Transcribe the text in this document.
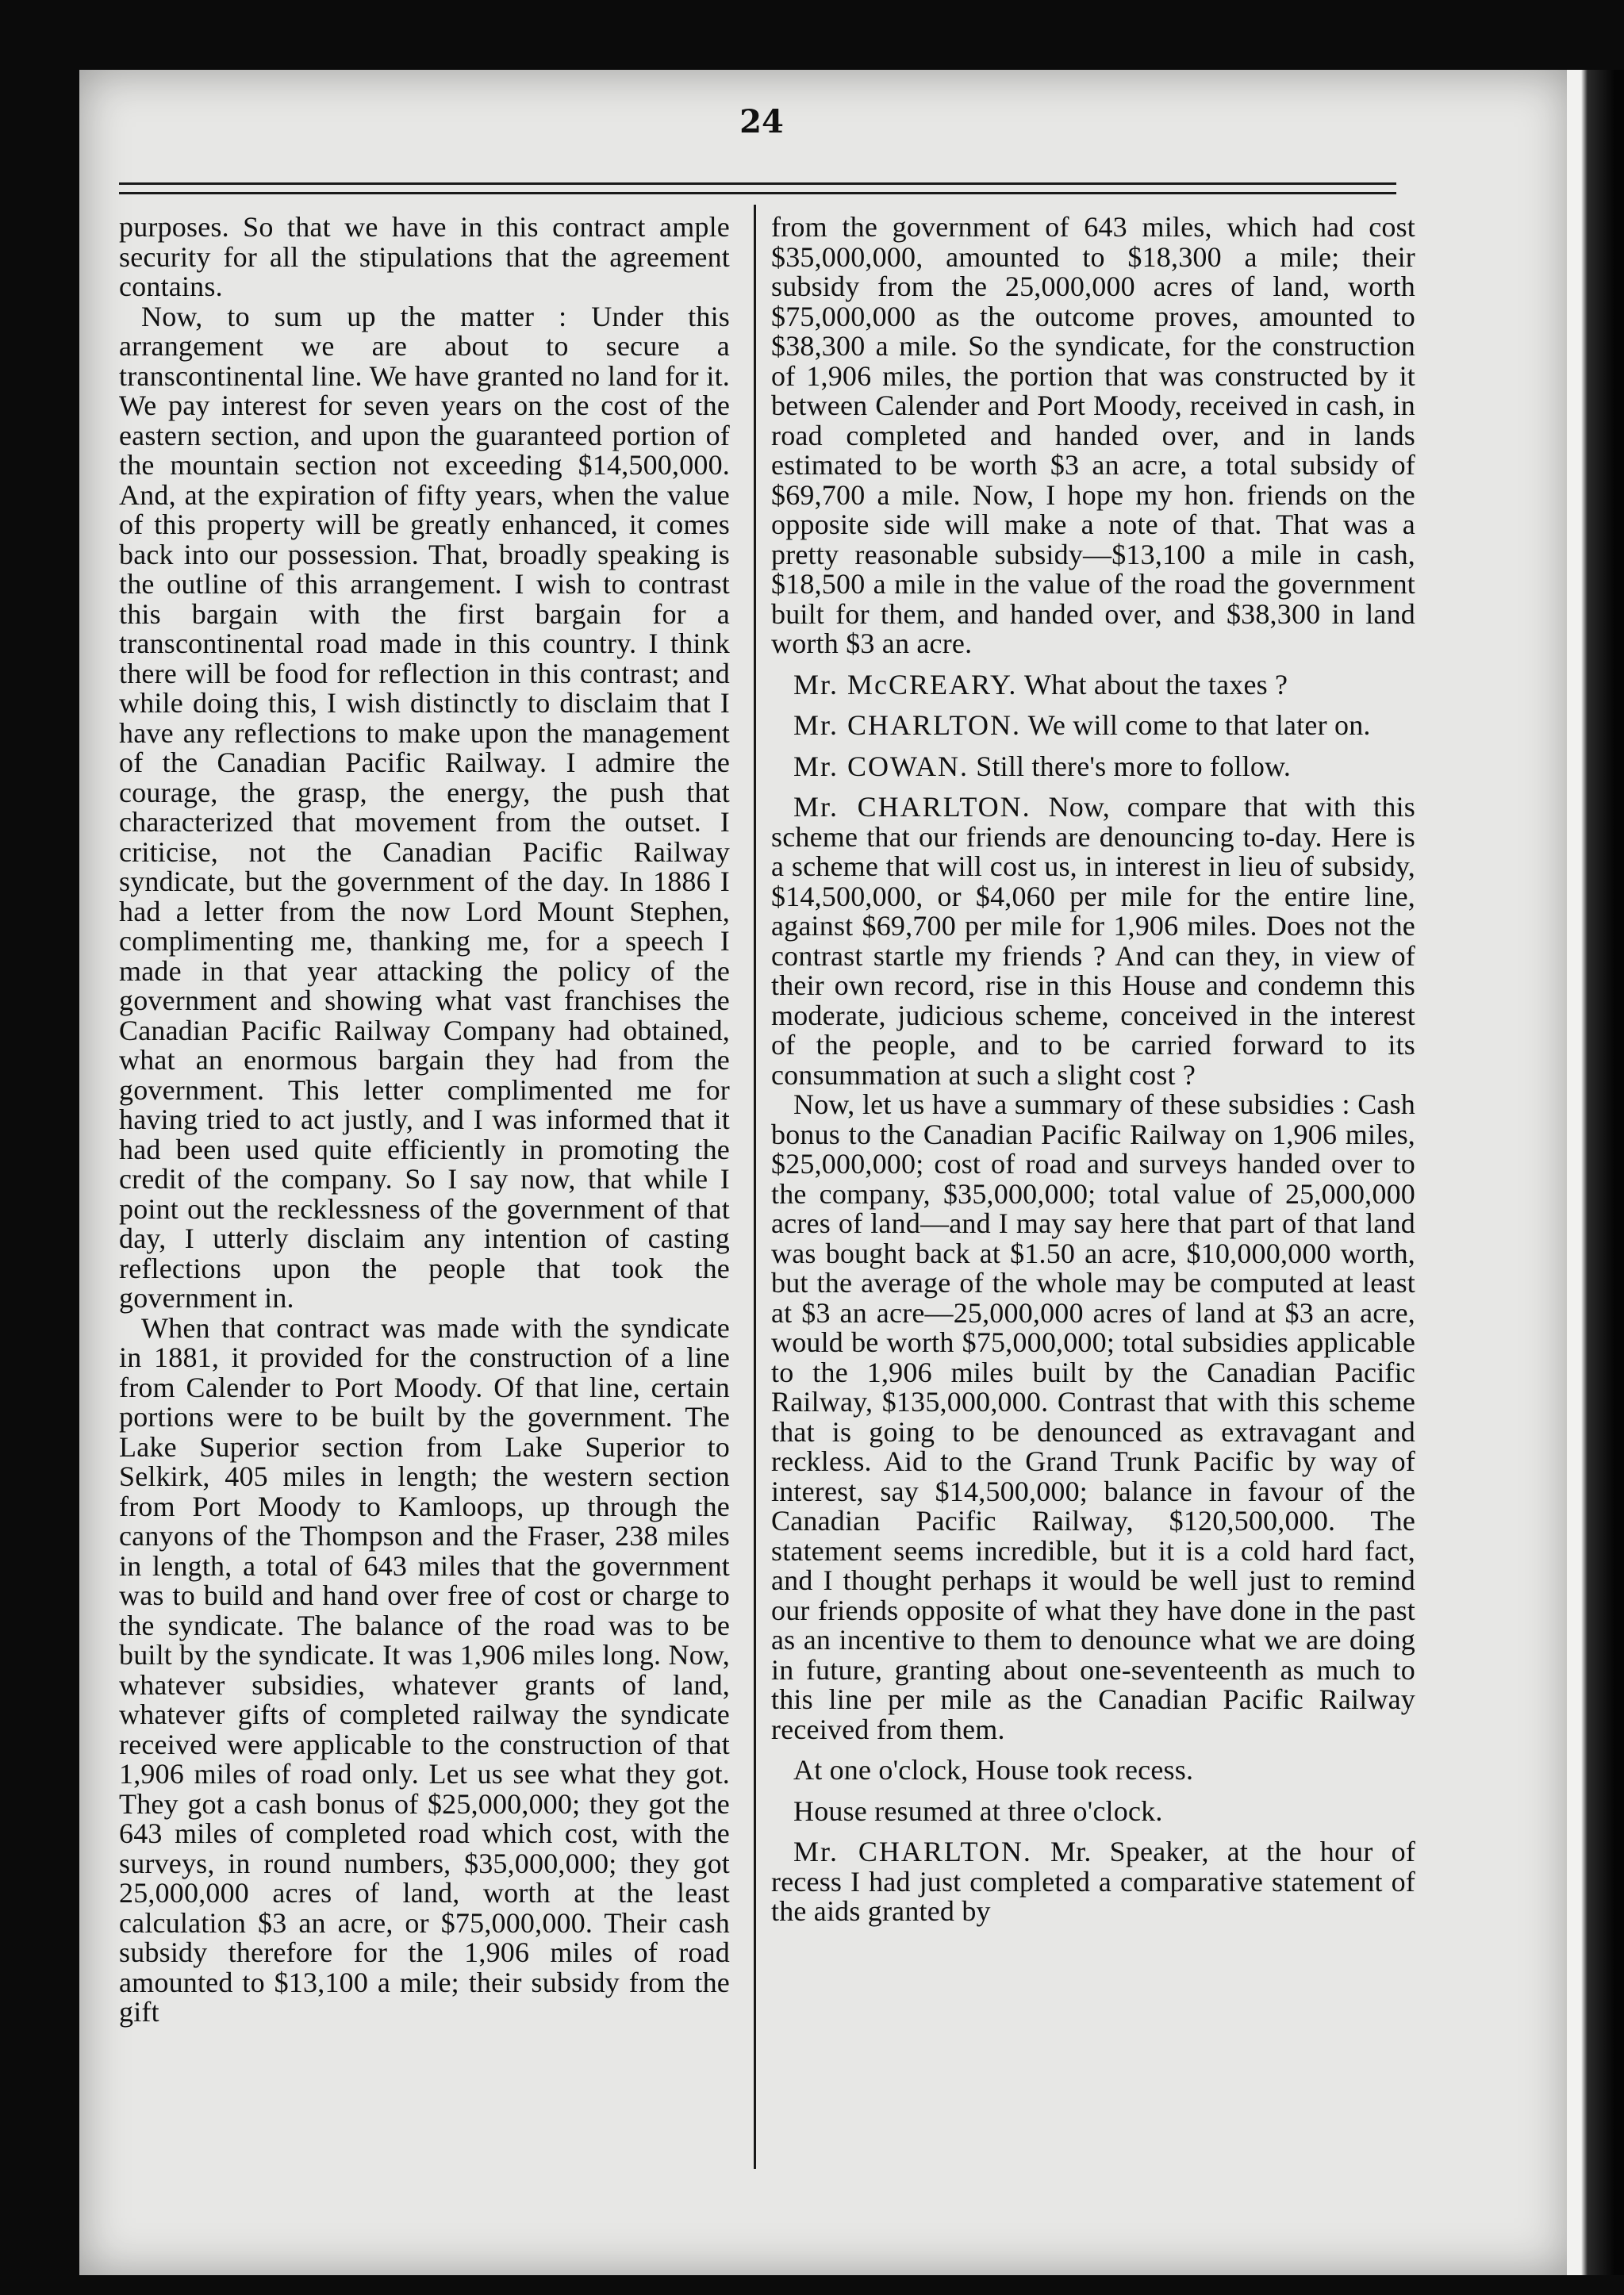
24

purposes. So that we have in this contract ample security for all the stipulations that the agreement contains.

Now, to sum up the matter : Under this arrangement we are about to secure a transcontinental line. We have granted no land for it. We pay interest for seven years on the cost of the eastern section, and upon the guaranteed portion of the mountain section not exceeding $14,500,000. And, at the expiration of fifty years, when the value of this property will be greatly enhanced, it comes back into our possession. That, broadly speaking is the outline of this arrangement. I wish to contrast this bargain with the first bargain for a transcontinental road made in this country. I think there will be food for reflection in this contrast; and while doing this, I wish distinctly to disclaim that I have any reflections to make upon the management of the Canadian Pacific Railway. I admire the courage, the grasp, the energy, the push that characterized that movement from the outset. I criticise, not the Canadian Pacific Railway syndicate, but the government of the day. In 1886 I had a letter from the now Lord Mount Stephen, complimenting me, thanking me, for a speech I made in that year attacking the policy of the government and showing what vast franchises the Canadian Pacific Railway Company had obtained, what an enormous bargain they had from the government. This letter complimented me for having tried to act justly, and I was informed that it had been used quite efficiently in promoting the credit of the company. So I say now, that while I point out the recklessness of the government of that day, I utterly disclaim any intention of casting reflections upon the people that took the government in.

When that contract was made with the syndicate in 1881, it provided for the construction of a line from Calender to Port Moody. Of that line, certain portions were to be built by the government. The Lake Superior section from Lake Superior to Selkirk, 405 miles in length; the western section from Port Moody to Kamloops, up through the canyons of the Thompson and the Fraser, 238 miles in length, a total of 643 miles that the government was to build and hand over free of cost or charge to the syndicate. The balance of the road was to be built by the syndicate. It was 1,906 miles long. Now, whatever subsidies, whatever grants of land, whatever gifts of completed railway the syndicate received were applicable to the construction of that 1,906 miles of road only. Let us see what they got. They got a cash bonus of $25,000,000; they got the 643 miles of completed road which cost, with the surveys, in round numbers, $35,000,000; they got 25,000,000 acres of land, worth at the least calculation $3 an acre, or $75,000,000. Their cash subsidy therefore for the 1,906 miles of road amounted to $13,100 a mile; their subsidy from the gift

from the government of 643 miles, which had cost $35,000,000, amounted to $18,300 a mile; their subsidy from the 25,000,000 acres of land, worth $75,000,000 as the outcome proves, amounted to $38,300 a mile. So the syndicate, for the construction of 1,906 miles, the portion that was constructed by it between Calender and Port Moody, received in cash, in road completed and handed over, and in lands estimated to be worth $3 an acre, a total subsidy of $69,700 a mile. Now, I hope my hon. friends on the opposite side will make a note of that. That was a pretty reasonable subsidy—$13,100 a mile in cash, $18,500 a mile in the value of the road the government built for them, and handed over, and $38,300 in land worth $3 an acre.

Mr. McCREARY. What about the taxes ?

Mr. CHARLTON. We will come to that later on.

Mr. COWAN. Still there's more to follow.

Mr. CHARLTON. Now, compare that with this scheme that our friends are denouncing to-day. Here is a scheme that will cost us, in interest in lieu of subsidy, $14,500,000, or $4,060 per mile for the entire line, against $69,700 per mile for 1,906 miles. Does not the contrast startle my friends ? And can they, in view of their own record, rise in this House and condemn this moderate, judicious scheme, conceived in the interest of the people, and to be carried forward to its consummation at such a slight cost ?

Now, let us have a summary of these subsidies : Cash bonus to the Canadian Pacific Railway on 1,906 miles, $25,000,000; cost of road and surveys handed over to the company, $35,000,000; total value of 25,000,000 acres of land—and I may say here that part of that land was bought back at $1.50 an acre, $10,000,000 worth, but the average of the whole may be computed at least at $3 an acre—25,000,000 acres of land at $3 an acre, would be worth $75,000,000; total subsidies applicable to the 1,906 miles built by the Canadian Pacific Railway, $135,000,000. Contrast that with this scheme that is going to be denounced as extravagant and reckless. Aid to the Grand Trunk Pacific by way of interest, say $14,500,000; balance in favour of the Canadian Pacific Railway, $120,500,000. The statement seems incredible, but it is a cold hard fact, and I thought perhaps it would be well just to remind our friends opposite of what they have done in the past as an incentive to them to denounce what we are doing in future, granting about one-seventeenth as much to this line per mile as the Canadian Pacific Railway received from them.

At one o'clock, House took recess.

House resumed at three o'clock.

Mr. CHARLTON. Mr. Speaker, at the hour of recess I had just completed a comparative statement of the aids granted by
